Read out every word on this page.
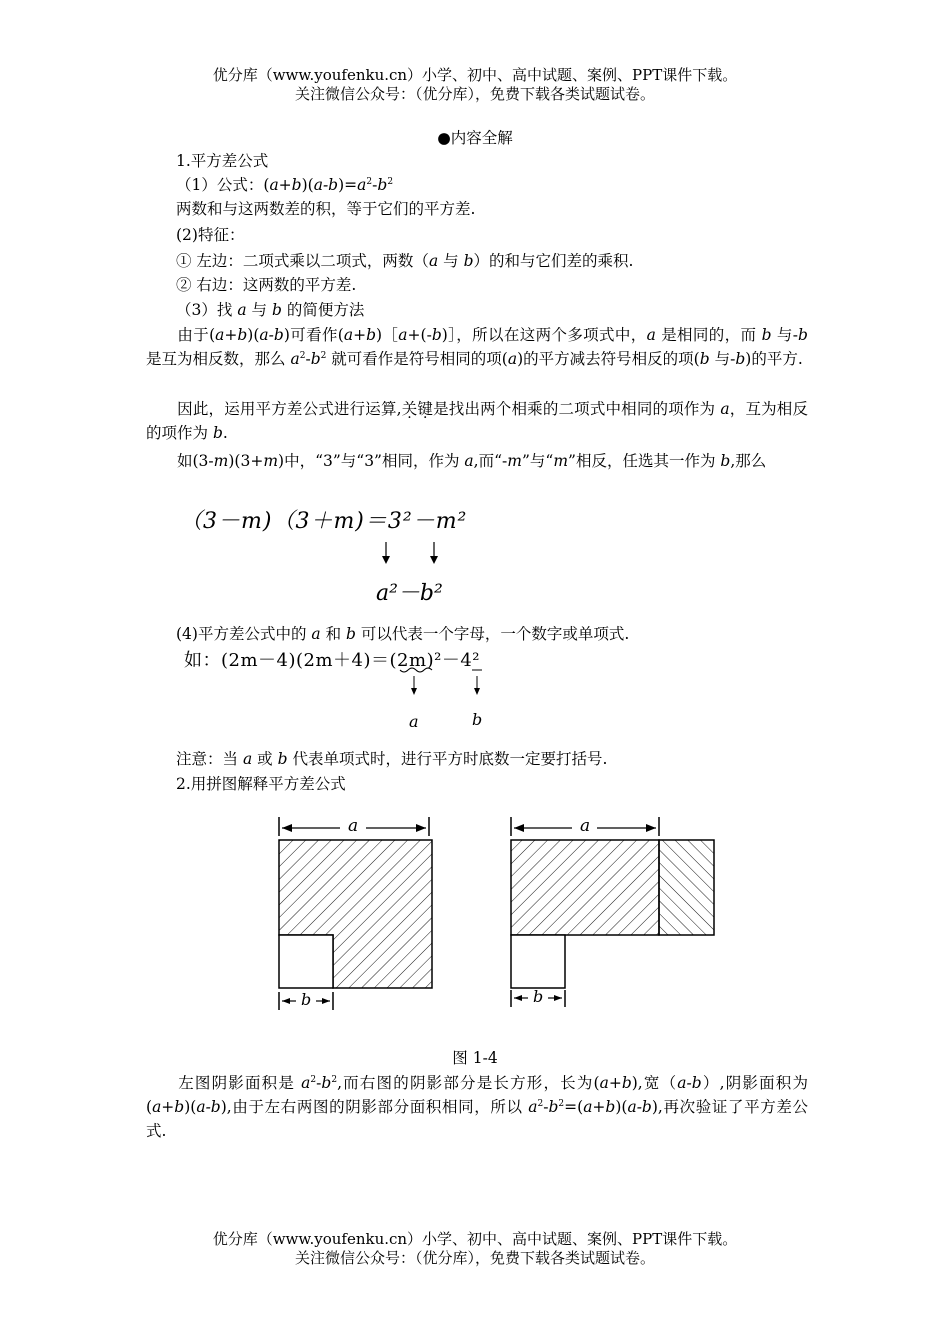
优分库（www.youfenku.cn）小学、初中、高中试题、案例、PPT课件下载。
关注微信公众号：（优分库），免费下载各类试题试卷。
●内容全解
1.平方差公式
（1）公式：$(a+b)(a-b)=a^2-b^2$
两数和与这两数差的积，等于它们的平方差.
(2)特征：
① 左边：二项式乘以二项式，两数（a 与 b）的和与它们差的乘积.
② 右边：这两数的平方差.
（3）找 a 与 b 的简便方法
由于(a+b)(a-b)可看作(a+b)［a+(-b)］，所以在这两个多项式中，a 是相同的，而 b 与-b是互为相反数，那么 $a^2-b^2$ 就可看作是符号相同的项(a)的平方减去符号相反的项(b 与-b)的平方.
因此，运用平方差公式进行运算,关键是找出两个相乘的二项式中相同的项作为 a，互为相反的项作为 b.
如(3-m)(3+m)中，“3”与“3”相同，作为 a,而“-m”与“m”相反，任选其一作为 b,那么
（3－m)（3＋m)＝3²－m²
a²－b²
(4)平方差公式中的 a 和 b 可以代表一个字母，一个数字或单项式.
如：(2m－4)(2m＋4)＝(2m)²－4²
a	b
注意：当 a 或 b 代表单项式时，进行平方时底数一定要打括号.
2.用拼图解释平方差公式
a
b
a
b
图 1-4
左图阴影面积是 $a^2-b^2$,而右图的阴影部分是长方形，长为(a+b),宽（a-b）,阴影面积为(a+b)(a-b),由于左右两图的阴影部分面积相同，所以 $a^2-b^2=(a+b)(a-b)$,再次验证了平方差公式.
优分库（www.youfenku.cn）小学、初中、高中试题、案例、PPT课件下载。
关注微信公众号：（优分库），免费下载各类试题试卷。
